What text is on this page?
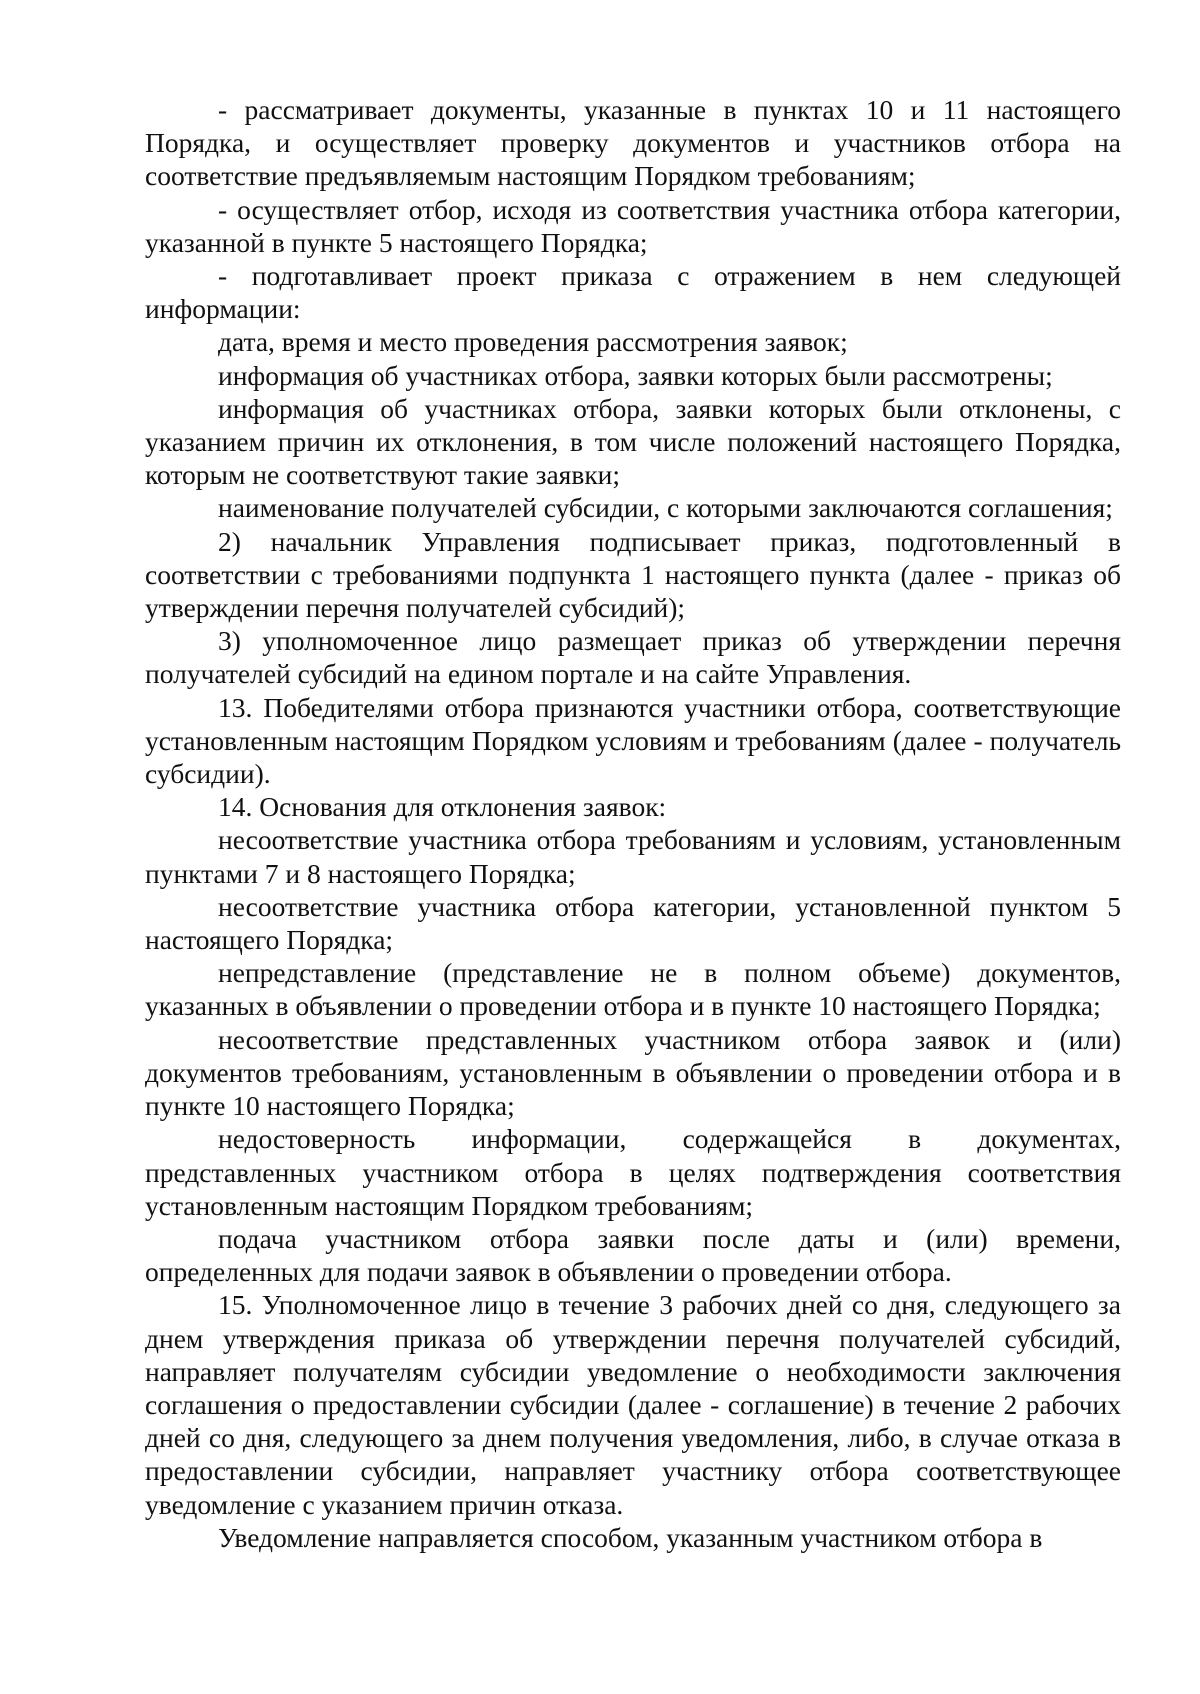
- рассматривает документы, указанные в пунктах 10 и 11 настоящего Порядка, и осуществляет проверку документов и участников отбора на соответствие предъявляемым настоящим Порядком требованиям;

- осуществляет отбор, исходя из соответствия участника отбора категории, указанной в пункте 5 настоящего Порядка;

- подготавливает проект приказа с отражением в нем следующей информации:

дата, время и место проведения рассмотрения заявок;

информация об участниках отбора, заявки которых были рассмотрены;

информация об участниках отбора, заявки которых были отклонены, с указанием причин их отклонения, в том числе положений настоящего Порядка, которым не соответствуют такие заявки;

наименование получателей субсидии, с которыми заключаются соглашения;

2) начальник Управления подписывает приказ, подготовленный в соответствии с требованиями подпункта 1 настоящего пункта (далее - приказ об утверждении перечня получателей субсидий);

3) уполномоченное лицо размещает приказ об утверждении перечня получателей субсидий на едином портале и на сайте Управления.

13. Победителями отбора признаются участники отбора, соответствующие установленным настоящим Порядком условиям и требованиям (далее - получатель субсидии).

14. Основания для отклонения заявок:

несоответствие участника отбора требованиям и условиям, установленным пунктами 7 и 8 настоящего Порядка;

несоответствие участника отбора категории, установленной пунктом 5 настоящего Порядка;

непредставление (представление не в полном объеме) документов, указанных в объявлении о проведении отбора и в пункте 10 настоящего Порядка;

несоответствие представленных участником отбора заявок и (или) документов требованиям, установленным в объявлении о проведении отбора и в пункте 10 настоящего Порядка;

недостоверность информации, содержащейся в документах, представленных участником отбора в целях подтверждения соответствия установленным настоящим Порядком требованиям;

подача участником отбора заявки после даты и (или) времени, определенных для подачи заявок в объявлении о проведении отбора.

15. Уполномоченное лицо в течение 3 рабочих дней со дня, следующего за днем утверждения приказа об утверждении перечня получателей субсидий, направляет получателям субсидии уведомление о необходимости заключения соглашения о предоставлении субсидии (далее - соглашение) в течение 2 рабочих дней со дня, следующего за днем получения уведомления, либо, в случае отказа в предоставлении субсидии, направляет участнику отбора соответствующее уведомление с указанием причин отказа.

Уведомление направляется способом, указанным участником отбора в
